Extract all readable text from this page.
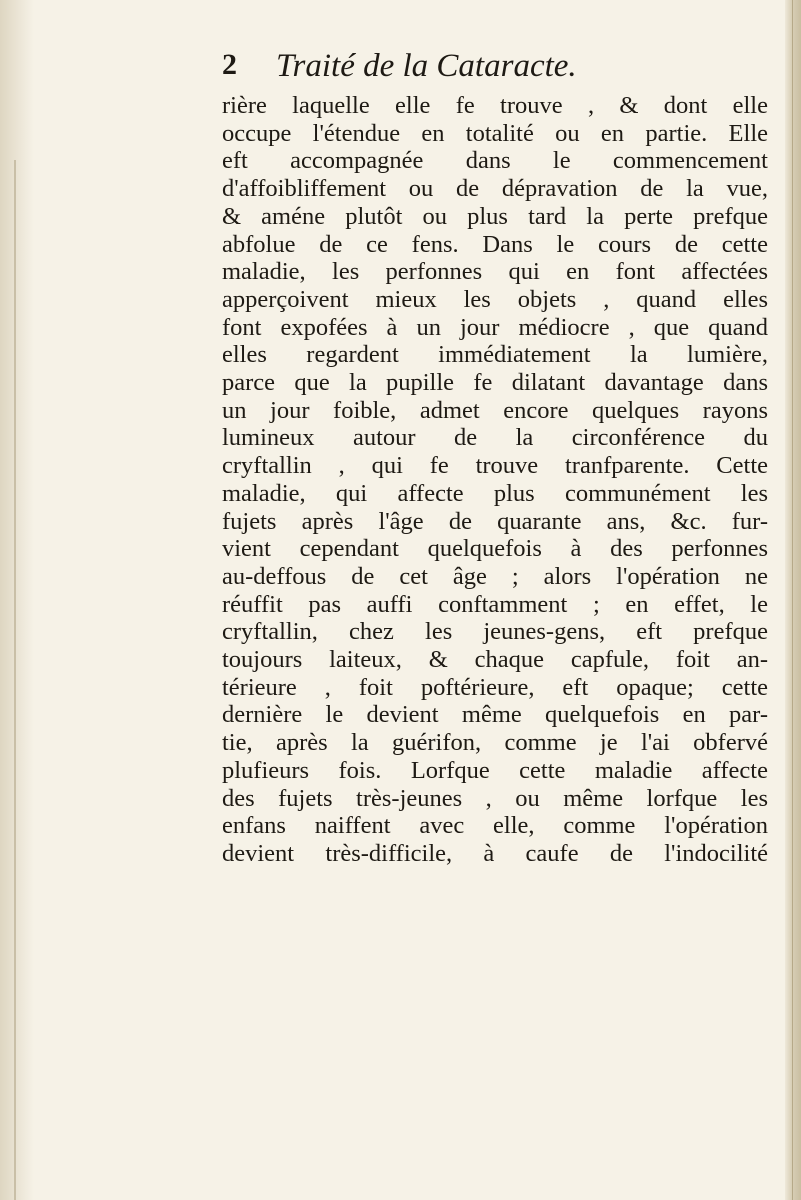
2 Traité de la Cataracte.
rière laquelle elle fe trouve , & dont elle
occupe l'étendue en totalité ou en partie. Elle
eft accompagnée dans le commencement
d'affoibliffement ou de dépravation de la vue,
& améne plutôt ou plus tard la perte prefque
abfolue de ce fens. Dans le cours de cette
maladie, les perfonnes qui en font affectées
apperçoivent mieux les objets , quand elles
font expofées à un jour médiocre , que quand
elles regardent immédiatement la lumière,
parce que la pupille fe dilatant davantage dans
un jour foible, admet encore quelques rayons
lumineux autour de la circonférence du
cryftallin , qui fe trouve tranfparente. Cette
maladie, qui affecte plus communément les
fujets après l'âge de quarante ans, &c. fur-
vient cependant quelquefois à des perfonnes
au-deffous de cet âge ; alors l'opération ne
réuffit pas auffi conftamment ; en effet, le
cryftallin, chez les jeunes-gens, eft prefque
toujours laiteux, & chaque capfule, foit an-
térieure , foit poftérieure, eft opaque; cette
dernière le devient même quelquefois en par-
tie, après la guérifon, comme je l'ai obfervé
plufieurs fois. Lorfque cette maladie affecte
des fujets très-jeunes , ou même lorfque les
enfans naiffent avec elle, comme l'opération
devient très-difficile, à caufe de l'indocilité
